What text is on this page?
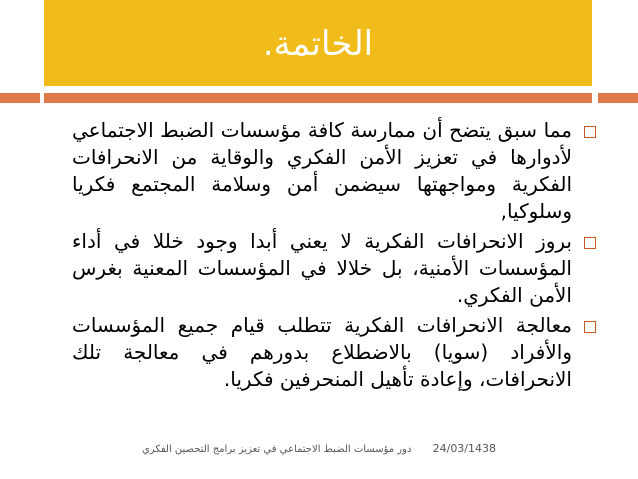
الخاتمة.
مما سبق يتضح أن ممارسة كافة مؤسسات الضبط الاجتماعي لأدوارها في تعزيز الأمن الفكري والوقاية من الانحرافات الفكرية ومواجهتها سيضمن أمن وسلامة المجتمع فكريا وسلوكيا,
بروز الانحرافات الفكرية لا يعني أبدا وجود خللا في أداء المؤسسات الأمنية، بل خلالا في المؤسسات المعنية بغرس الأمن الفكري.
معالجة الانحرافات الفكرية تتطلب قيام جميع المؤسسات والأفراد (سويا) بالاضطلاع بدورهم في معالجة تلك الانحرافات، وإعادة تأهيل المنحرفين فكريا.
دور مؤسسات الضبط الاجتماعي في تعزيز برامج التحصين الفكري 24/03/1438
